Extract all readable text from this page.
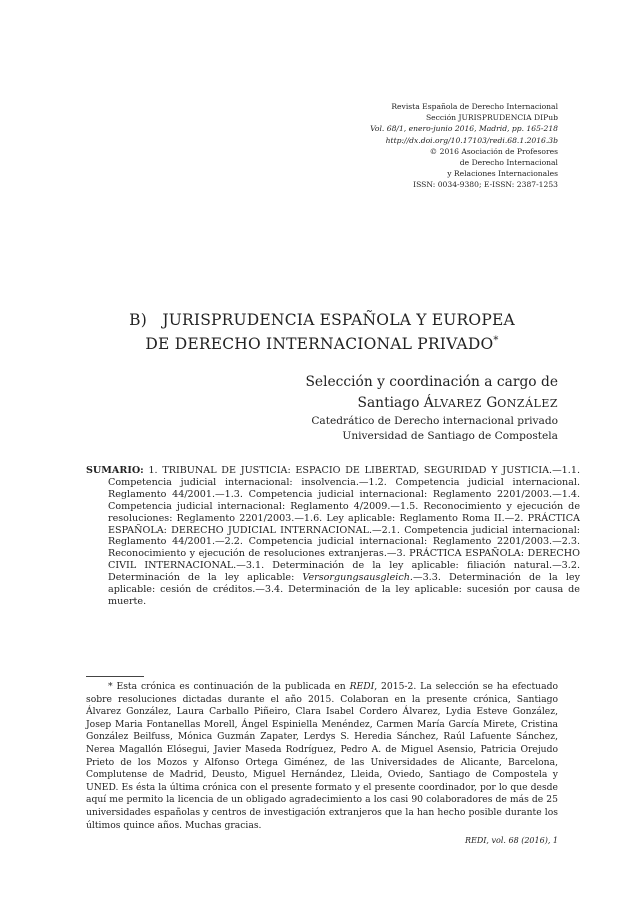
Revista Española de Derecho Internacional
Sección JURISPRUDENCIA DIPub
Vol. 68/1, enero-junio 2016, Madrid, pp. 165-218
http://dx.doi.org/10.17103/redi.68.1.2016.3b
© 2016 Asociación de Profesores
de Derecho Internacional
y Relaciones Internacionales
ISSN: 0034-9380; E-ISSN: 2387-1253
B)   JURISPRUDENCIA ESPAÑOLA Y EUROPEA
DE DERECHO INTERNACIONAL PRIVADO*
Selección y coordinación a cargo de
Santiago ÁLVAREZ GONZÁLEZ
Catedrático de Derecho internacional privado
Universidad de Santiago de Compostela
SUMARIO: 1. TRIBUNAL DE JUSTICIA: ESPACIO DE LIBERTAD, SEGURIDAD Y JUSTICIA.—1.1. Competencia judicial internacional: insolvencia.—1.2. Competencia judicial internacional. Reglamento 44/2001.—1.3. Competencia judicial internacional: Reglamento 2201/2003.—1.4. Competencia judicial internacional: Reglamento 4/2009.—1.5. Reconocimiento y ejecución de resoluciones: Reglamento 2201/2003.—1.6. Ley aplicable: Reglamento Roma II.—2. PRÁCTICA ESPAÑOLA: DERECHO JUDICIAL INTERNACIONAL.—2.1. Competencia judicial internacional: Reglamento 44/2001.—2.2. Competencia judicial internacional: Reglamento 2201/2003.—2.3. Reconocimiento y ejecución de resoluciones extranjeras.—3. PRÁCTICA ESPAÑOLA: DERECHO CIVIL INTERNACIONAL.—3.1. Determinación de la ley aplicable: filiación natural.—3.2. Determinación de la ley aplicable: Versorgungsausgleich.—3.3. Determinación de la ley aplicable: cesión de créditos.—3.4. Determinación de la ley aplicable: sucesión por causa de muerte.
* Esta crónica es continuación de la publicada en REDI, 2015-2. La selección se ha efectuado sobre resoluciones dictadas durante el año 2015. Colaboran en la presente crónica, Santiago Álvarez González, Laura Carballo Piñeiro, Clara Isabel Cordero Álvarez, Lydia Esteve González, Josep Maria Fontanellas Morell, Ángel Espiniella Menéndez, Carmen María García Mirete, Cristina González Beilfuss, Mónica Guzmán Zapater, Lerdys S. Heredia Sánchez, Raúl Lafuente Sánchez, Nerea Magallón Elósegui, Javier Maseda Rodríguez, Pedro A. de Miguel Asensio, Patricia Orejudo Prieto de los Mozos y Alfonso Ortega Giménez, de las Universidades de Alicante, Barcelona, Complutense de Madrid, Deusto, Miguel Hernández, Lleida, Oviedo, Santiago de Compostela y UNED. Es ésta la última crónica con el presente formato y el presente coordinador, por lo que desde aquí me permito la licencia de un obligado agradecimiento a los casi 90 colaboradores de más de 25 universidades españolas y centros de investigación extranjeros que la han hecho posible durante los últimos quince años. Muchas gracias.
REDI, vol. 68 (2016), 1
